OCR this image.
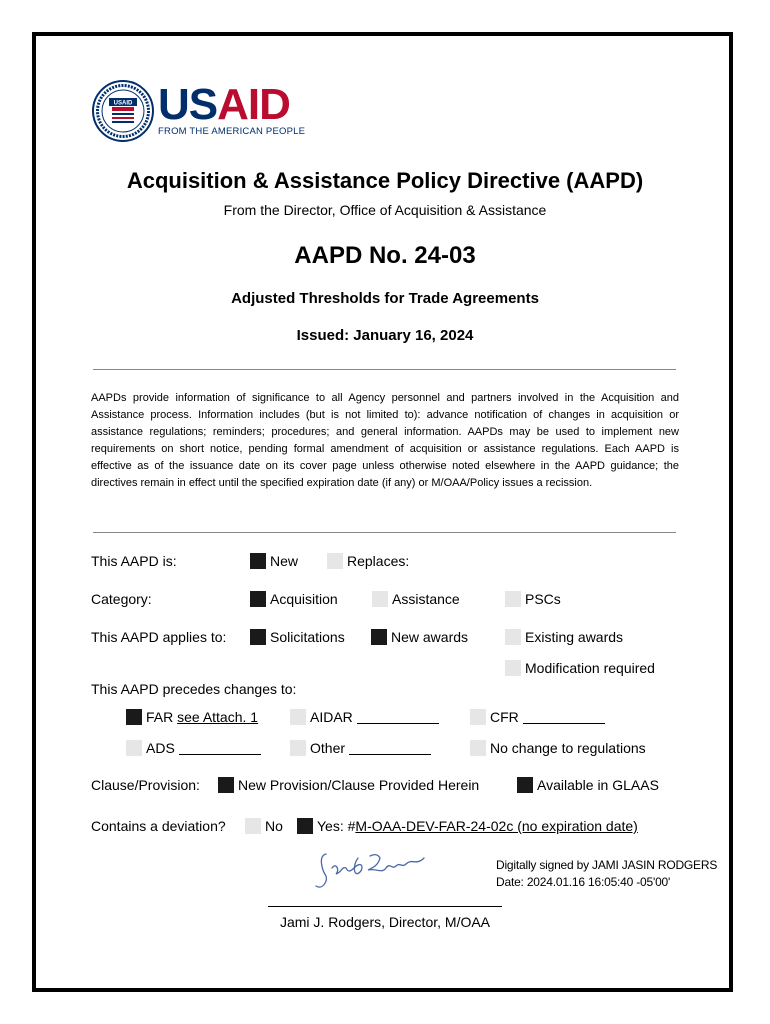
USAID USAID
FROM THE AMERICAN PEOPLE
Acquisition & Assistance Policy Directive (AAPD)
From the Director, Office of Acquisition & Assistance
AAPD No. 24-03
Adjusted Thresholds for Trade Agreements
Issued: January 16, 2024
AAPDs provide information of significance to all Agency personnel and partners involved in the Acquisition and Assistance process. Information includes (but is not limited to): advance notification of changes in acquisition or assistance regulations; reminders; procedures; and general information. AAPDs may be used to implement new requirements on short notice, pending formal amendment of acquisition or assistance regulations. Each AAPD is effective as of the issuance date on its cover page unless otherwise noted elsewhere in the AAPD guidance; the directives remain in effect until the specified expiration date (if any) or M/OAA/Policy issues a recission.
This AAPD is:	New	Replaces:
Category:	Acquisition	Assistance	PSCs
This AAPD applies to:	Solicitations	New awards	Existing awards
Modification required
This AAPD precedes changes to:
FAR see Attach. 1	AIDAR	CFR
ADS	Other	No change to regulations
Clause/Provision:	New Provision/Clause Provided Herein	Available in GLAAS
Contains a deviation?	No	Yes: #M-OAA-DEV-FAR-24-02c (no expiration date)
Jami J. Rodgers
Digitally signed by JAMI JASIN RODGERS
Date: 2024.01.16 16:05:40 -05'00'
Jami J. Rodgers, Director, M/OAA
